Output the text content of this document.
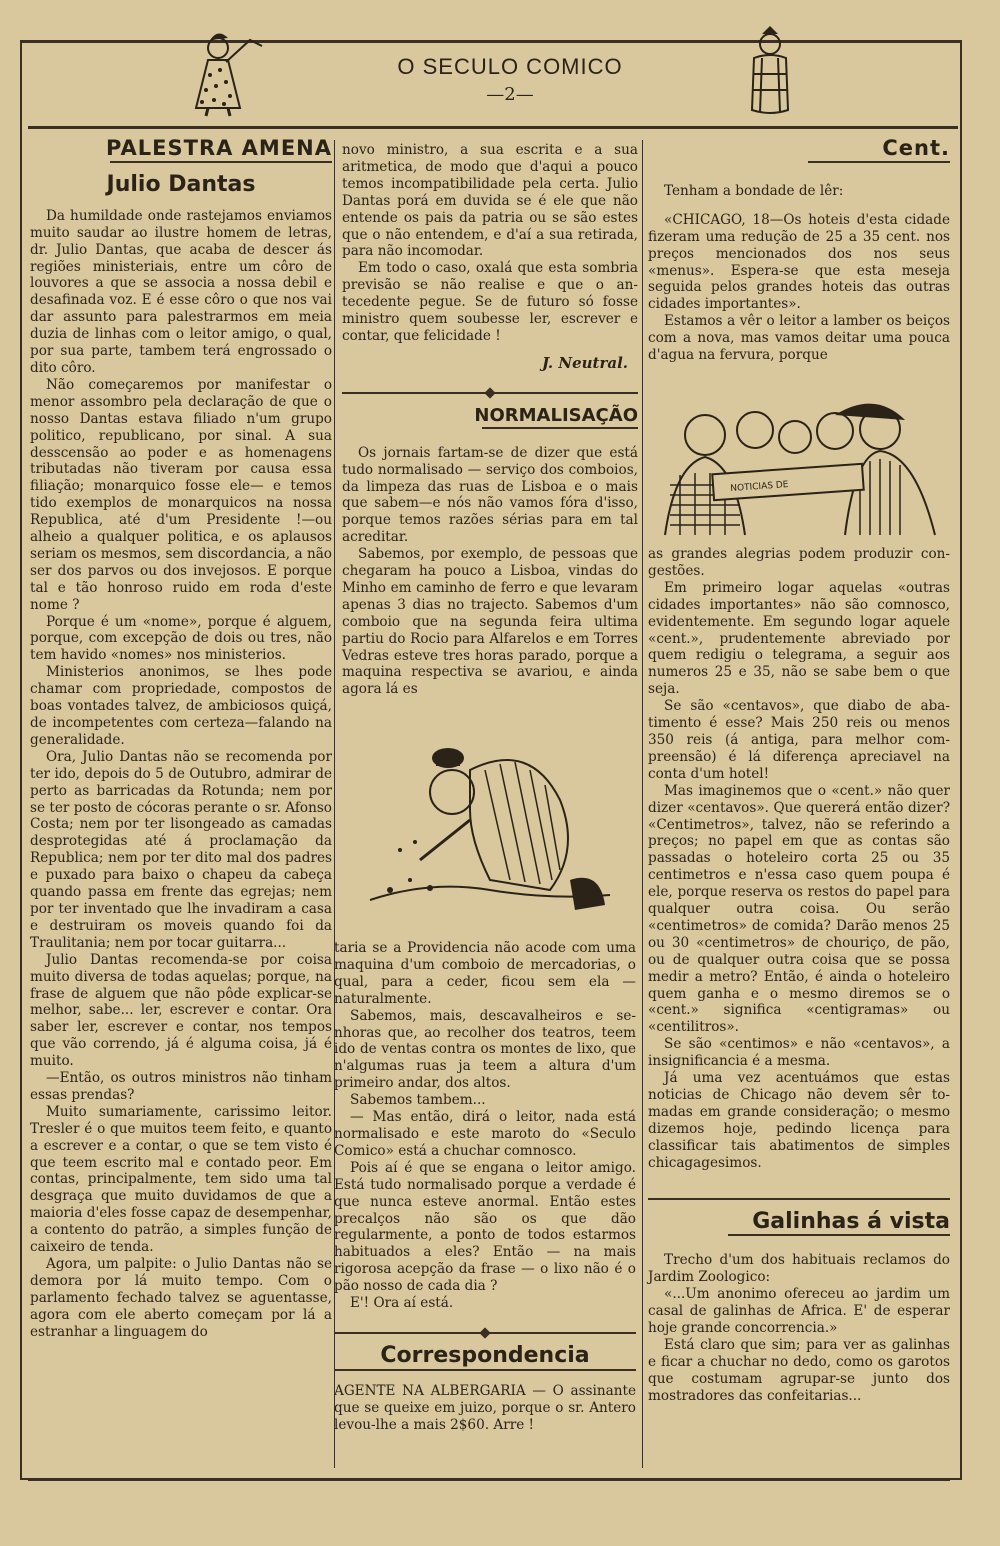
O SECULO COMICO
—2—
PALESTRA AMENA
Julio Dantas

Da humildade onde rastejamos enviamos muito saudar ao ilustre homem de letras, dr. Julio Dantas, que acaba de descer ás regiões ministeriais, entre um côro de louvores a que se associa a nossa debil e desafinada voz. E é esse côro o que nos vai dar assunto para palestrarmos em meia duzia de linhas com o leitor amigo, o qual, por sua parte, tambem terá engrossado o dito côro.

Não começaremos por manifestar o menor assombro pela declaração de que o nosso Dantas estava filiado n'um grupo politico, republicano, por sinal. A sua desscensão ao poder e as homenagens tributadas não tiveram por causa essa filiação; monarquico fosse ele— e temos tido exemplos de monarquicos na nossa Republica, até d'um Presidente !—ou alheio a qualquer politica, e os aplausos seriam os mesmos, sem discordancia, a não ser dos parvos ou dos invejosos. E porque tal e tão honroso ruido em roda d'este nome ?

Porque é um «nome», porque é alguem, porque, com excepção de dois ou tres, não tem havido «nomes» nos ministerios.

Ministerios anonimos, se lhes pode chamar com propriedade, compostos de boas vontades talvez, de ambiciosos quiçá, de incompetentes com certeza—falando na generalidade.

Ora, Julio Dantas não se recomenda por ter ido, depois do 5 de Outubro, admirar de perto as barricadas da Rotunda; nem por se ter posto de cócoras perante o sr. Afonso Costa; nem por ter lisongeado as camadas desprotegidas até á proclamação da Republica; nem por ter dito mal dos padres e puxado para baixo o chapeu da cabeça quando passa em frente das egrejas; nem por ter inventado que lhe invadiram a casa e destruiram os moveis quando foi da Traulitania; nem por tocar guitarra...

Julio Dantas recomenda-se por coisa muito diversa de todas aquelas; porque, na frase de alguem que não pôde explicar-se melhor, sabe... ler, escrever e contar. Ora saber ler, escrever e contar, nos tempos que vão correndo, já é alguma coisa, já é muito.

—Então, os outros ministros não tinham essas prendas?

Muito sumariamente, carissimo leitor. Tresler é o que muitos teem feito, e quanto a escrever e a contar, o que se tem visto é que teem escrito mal e contado peor. Em contas, principalmente, tem sido uma tal desgraça que muito duvidamos de que a maioria d'eles fosse capaz de desempenhar, a contento do patrão, a simples função de caixeiro de tenda.

Agora, um palpite: o Julio Dantas não se demora por lá muito tempo. Com o parlamento fechado talvez se aguentasse, agora com ele aberto começam por lá a estranhar a linguagem do

novo ministro, a sua escrita e a sua aritmetica, de modo que d'aqui a pouco temos incompatibilidade pela certa. Julio Dantas porá em duvida se é ele que não entende os pais da patria ou se são estes que o não entendem, e d'aí a sua retirada, para não incomodar.

Em todo o caso, oxalá que esta sombria previsão se não realise e que o antecedente pegue. Se de futuro só fosse ministro quem soubesse ler, escrever e contar, que felicidade !

J. Neutral.
NORMALISAÇÃO

Os jornais fartam-se de dizer que está tudo normalisado — serviço dos comboios, da limpeza das ruas de Lisboa e o mais que sabem—e nós não vamos fóra d'isso, porque temos razões sérias para em tal acreditar.

Sabemos, por exemplo, de pessoas que chegaram ha pouco a Lisboa, vindas do Minho em caminho de ferro e que levaram apenas 3 dias no trajecto. Sabemos d'um comboio que na segunda feira ultima partiu do Rocio para Alfarelos e em Torres Vedras esteve tres horas parado, porque a maquina respectiva se avariou, e ainda agora lá es

taria se a Providencia não acode com uma maquina d'um comboio de mercadorias, o qual, para a ceder, ficou sem ela — naturalmente.

Sabemos, mais, descavalheiros e senhoras que, ao recolher dos teatros, teem ido de ventas contra os montes de lixo, que n'algumas ruas ja teem a altura d'um primeiro andar, dos altos.

Sabemos tambem...

— Mas então, dirá o leitor, nada está normalisado e este maroto do «Seculo Comico» está a chuchar comnosco.

Pois aí é que se engana o leitor amigo. Está tudo normalisado porque a verdade é que nunca esteve anormal. Então estes precalços não são os que dão regularmente, a ponto de todos estarmos habituados a eles? Então — na mais rigorosa acepção da frase — o lixo não é o pão nosso de cada dia ?

E'! Ora aí está.

Correspondencia

AGENTE NA ALBERGARIA — O assinante que se queixe em juizo, porque o sr. Antero levou-lhe a mais 2$60. Arre !

Cent.

Tenham a bondade de lêr:

«CHICAGO, 18—Os hoteis d'esta cidade fizeram uma redução de 25 a 35 cent. nos preços mencionados dos nos seus «menus». Espera-se que esta meseja seguida pelos grandes hoteis das outras cidades importantes».

Estamos a vêr o leitor a lamber os beiços com a nova, mas vamos deitar uma pouca d'agua na fervura, porque

NOTICIAS DE

as grandes alegrias podem produzir congestões.

Em primeiro logar aquelas «outras cidades importantes» não são comnosco, evidentemente. Em segundo logar aquele «cent.», prudentemente abreviado por quem redigiu o telegrama, a seguir aos numeros 25 e 35, não se sabe bem o que seja.

Se são «centavos», que diabo de abatimento é esse? Mais 250 reis ou menos 350 reis (á antiga, para melhor compreensão) é lá diferença apreciavel na conta d'um hotel!

Mas imaginemos que o «cent.» não quer dizer «centavos». Que quererá então dizer? «Centimetros», talvez, não se referindo a preços; no papel em que as contas são passadas o hoteleiro corta 25 ou 35 centimetros e n'essa caso quem poupa é ele, porque reserva os restos do papel para qualquer outra coisa. Ou serão «centimetros» de comida? Darão menos 25 ou 30 «centimetros» de chouriço, de pão, ou de qualquer outra coisa que se possa medir a metro? Então, é ainda o hoteleiro quem ganha e o mesmo diremos se o «cent.» significa «centigramas» ou «centilitros».

Se são «centimos» e não «centavos», a insignificancia é a mesma.

Já uma vez acentuámos que estas noticias de Chicago não devem sêr tomadas em grande consideração; o mesmo dizemos hoje, pedindo licença para classificar tais abatimentos de simples chicagagesimos.

Galinhas á vista

Trecho d'um dos habituais reclamos do Jardim Zoologico:

«...Um anonimo ofereceu ao jardim um casal de galinhas de Africa. E' de esperar hoje grande concorrencia.»

Está claro que sim; para ver as galinhas e ficar a chuchar no dedo, como os garotos que costumam agrupar-se junto dos mostradores das confeitarias...
